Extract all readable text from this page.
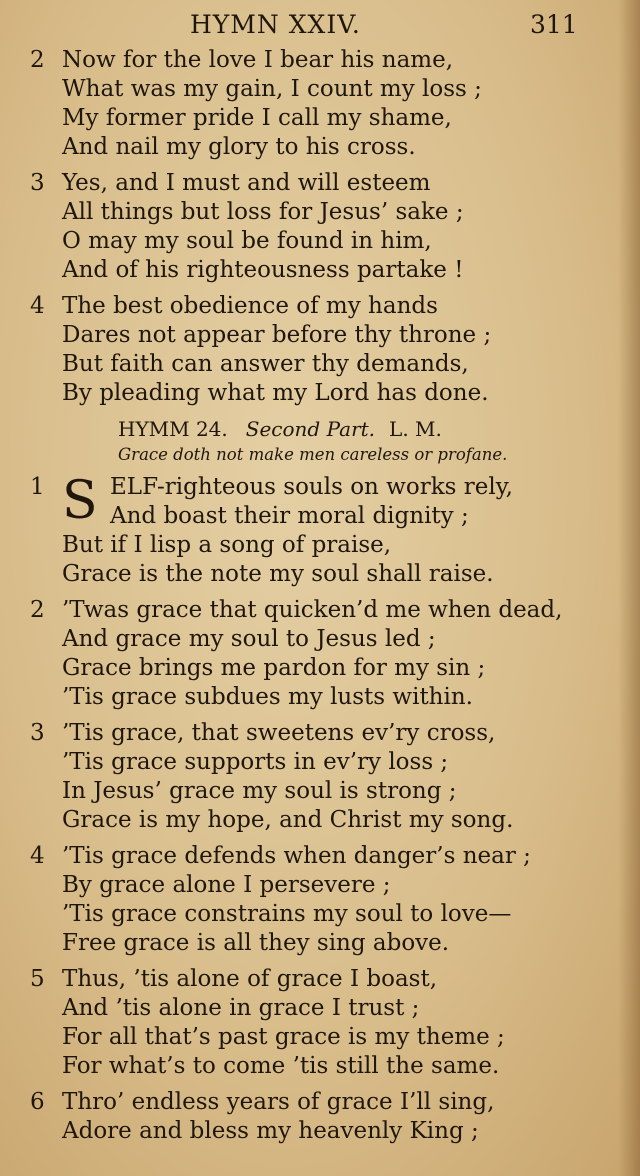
HYMN XXIV.	311
2 Now for the love I bear his name,
What was my gain, I count my loss ;
My former pride I call my shame,
And nail my glory to his cross.
3 Yes, and I must and will esteem
All things but loss for Jesus’ sake ;
O may my soul be found in him,
And of his righteousness partake !
4 The best obedience of my hands
Dares not appear before thy throne ;
But faith can answer thy demands,
By pleading what my Lord has done.
HYMM 24. Second Part. L. M.
Grace doth not make men careless or profane.
1 S ELF-righteous souls on works rely,
And boast their moral dignity ;
But if I lisp a song of praise,
Grace is the note my soul shall raise.
2 ’Twas grace that quicken’d me when dead,
And grace my soul to Jesus led ;
Grace brings me pardon for my sin ;
’Tis grace subdues my lusts within.
3 ’Tis grace, that sweetens ev’ry cross,
’Tis grace supports in ev’ry loss ;
In Jesus’ grace my soul is strong ;
Grace is my hope, and Christ my song.
4 ’Tis grace defends when danger’s near ;
By grace alone I persevere ;
’Tis grace constrains my soul to love—
Free grace is all they sing above.
5 Thus, ’tis alone of grace I boast,
And ’tis alone in grace I trust ;
For all that’s past grace is my theme ;
For what’s to come ’tis still the same.
6 Thro’ endless years of grace I’ll sing,
Adore and bless my heavenly King ;
